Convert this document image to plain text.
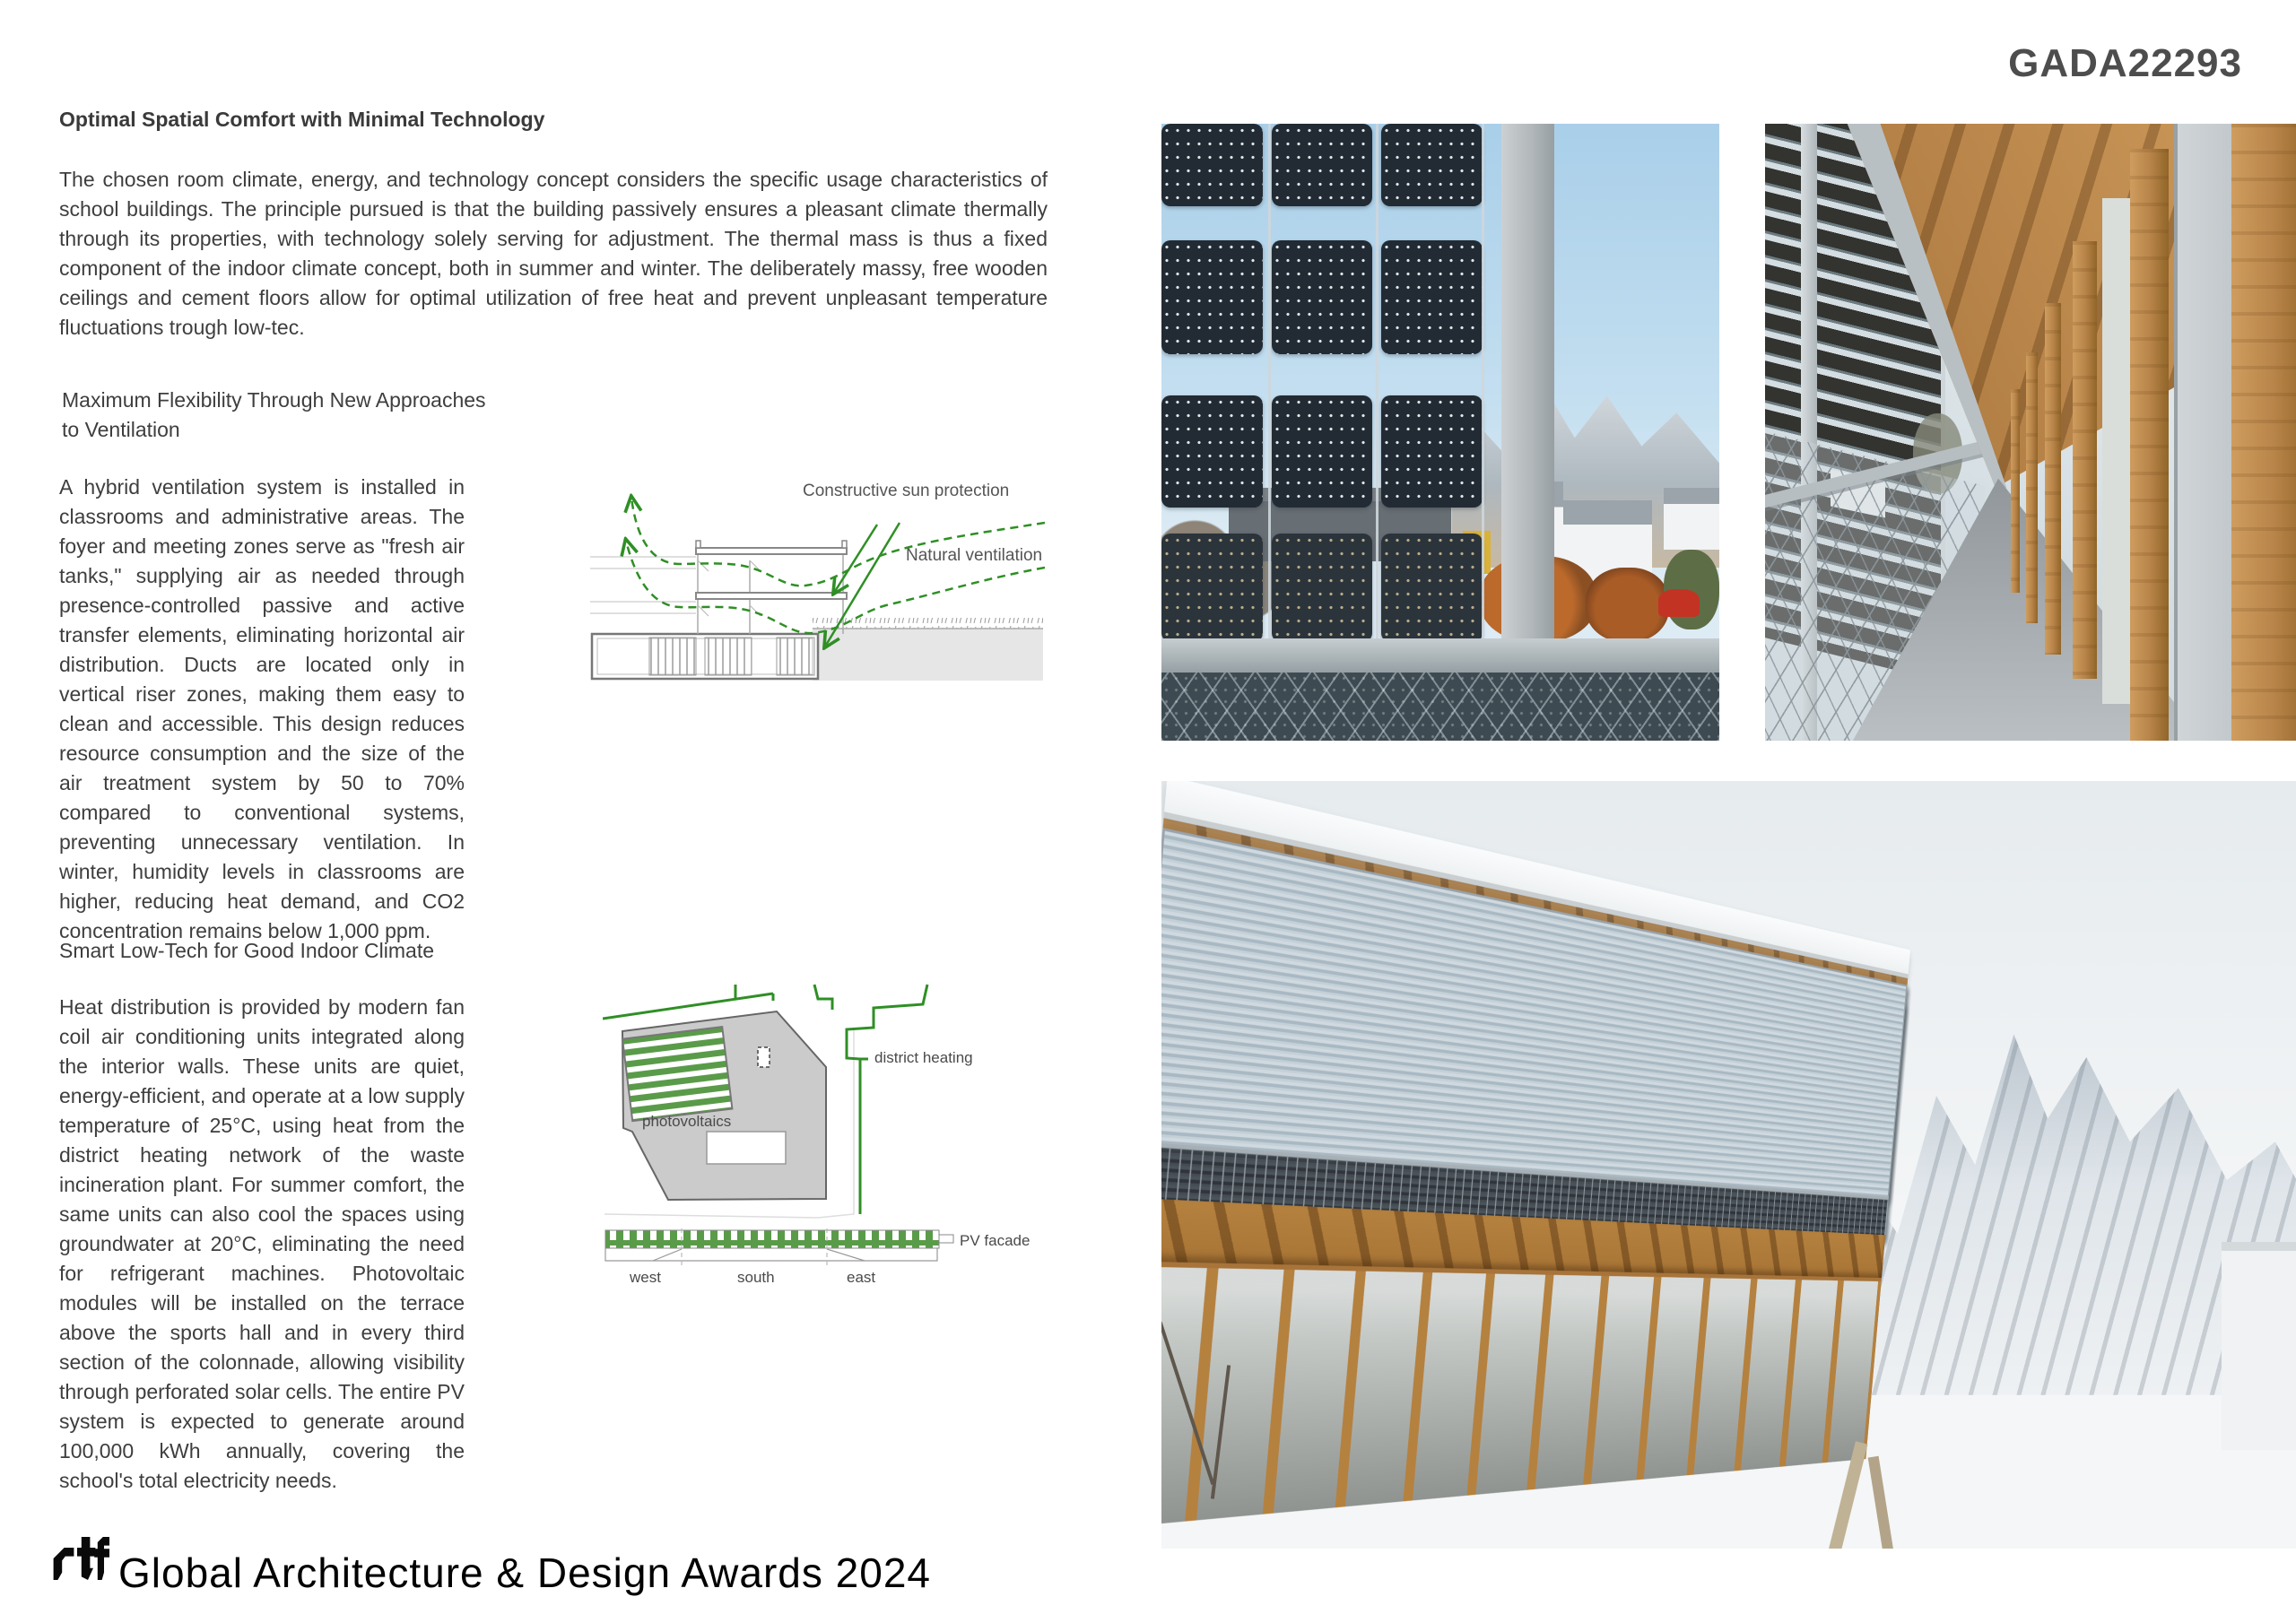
GADA22293
Optimal Spatial Comfort with Minimal Technology

The chosen room climate, energy, and technology concept considers the specific usage characteristics of school buildings. The principle pursued is that the building passively ensures a pleasant climate thermally through its properties, with technology solely serving for adjustment. The thermal mass is thus a fixed component of the indoor climate concept, both in summer and winter. The deliberately massy, free wooden ceilings and cement floors allow for optimal utilization of free heat and prevent unpleasant temperature fluctuations trough low-tec.

Maximum Flexibility Through New Approaches to Ventilation

A hybrid ventilation system is installed in classrooms and administrative areas. The foyer and meeting zones serve as "fresh air tanks," supplying air as needed through presence-controlled passive and active transfer elements, eliminating horizontal air distribution. Ducts are located only in vertical riser zones, making them easy to clean and accessible. This design reduces resource consumption and the size of the air treatment system by 50 to 70% compared to conventional systems, preventing unnecessary ventilation. In winter, humidity levels in classrooms are higher, reducing heat demand, and CO2 concentration remains below 1,000 ppm.

Smart Low-Tech for Good Indoor Climate

Heat distribution is provided by modern fan coil air conditioning units integrated along the interior walls. These units are quiet, energy-efficient, and operate at a low supply temperature of 25°C, using heat from the district heating network of the waste incineration plant. For summer comfort, the same units can also cool the spaces using groundwater at 20°C, eliminating the need for refrigerant machines. Photovoltaic modules will be installed on the terrace above the sports hall and in every third section of the colonnade, allowing visibility through perforated solar cells. The entire PV system is expected to generate around 100,000 kWh annually, covering the school's total electricity needs.

Constructive sun protection
Natural ventilation
photovoltaics
district heating
PV facade
west	south	east
Global Architecture & Design Awards 2024
